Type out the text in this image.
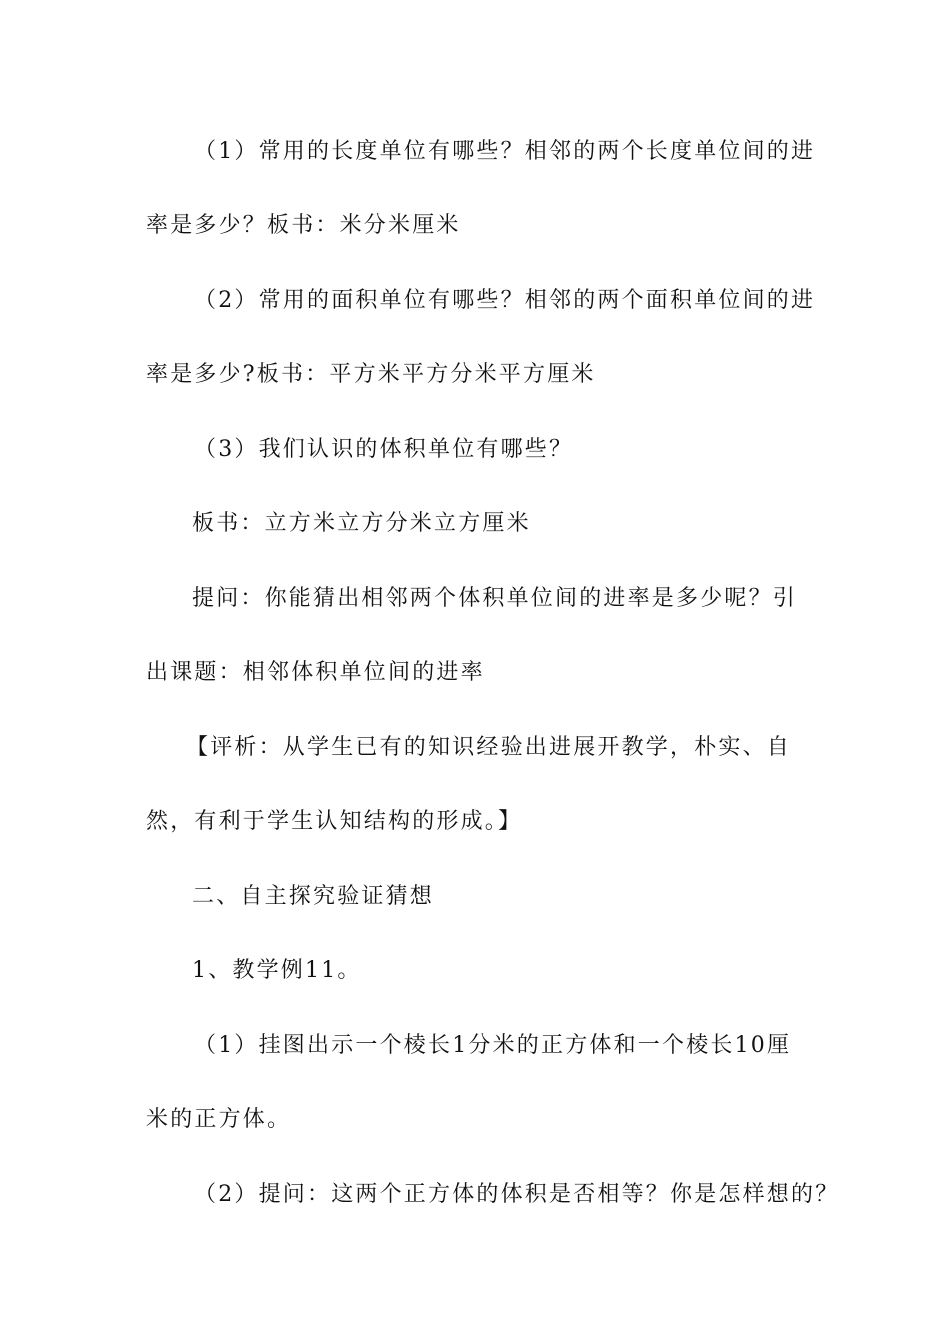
（1）常用的长度单位有哪些？相邻的两个长度单位间的进
率是多少？板书：米分米厘米
（2）常用的面积单位有哪些？相邻的两个面积单位间的进
率是多少?板书：平方米平方分米平方厘米
（3）我们认识的体积单位有哪些？
板书：立方米立方分米立方厘米
提问：你能猜出相邻两个体积单位间的进率是多少呢？引
出课题：相邻体积单位间的进率
【评析：从学生已有的知识经验出进展开教学，朴实、自
然，有利于学生认知结构的形成。】
二、自主探究验证猜想
1、教学例11。
（1）挂图出示一个棱长1分米的正方体和一个棱长10厘
米的正方体。
（2）提问：这两个正方体的体积是否相等？你是怎样想的？
